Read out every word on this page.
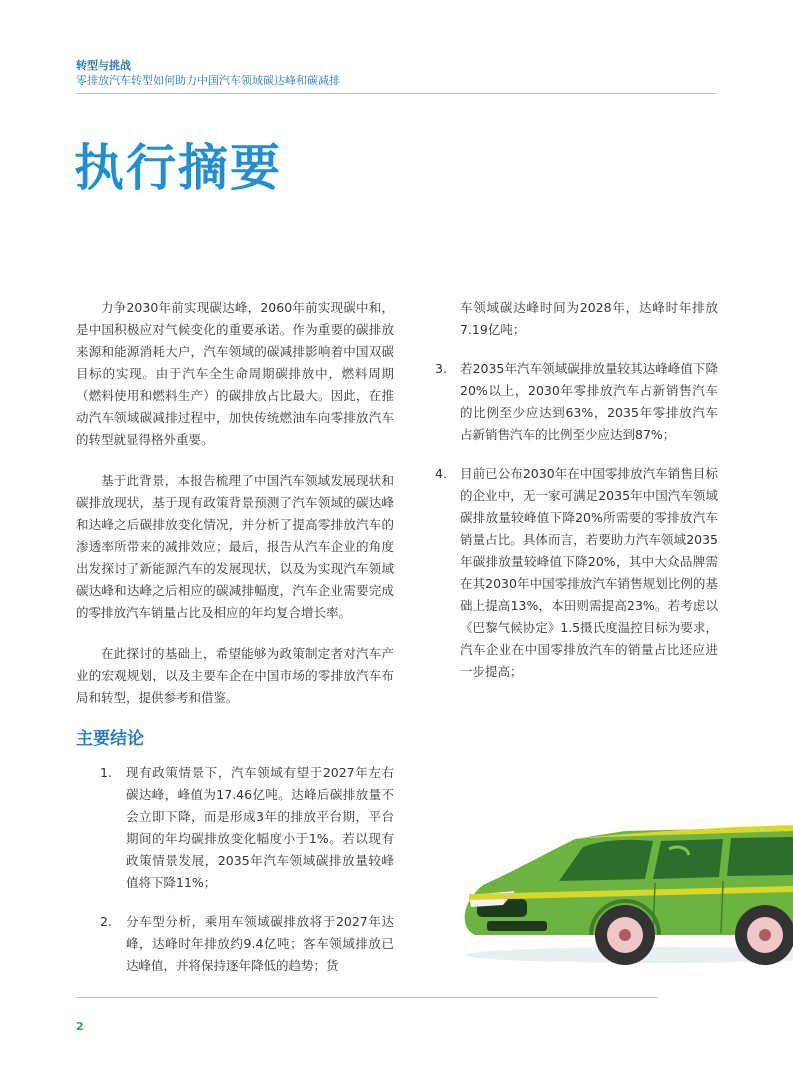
转型与挑战
零排放汽车转型如何助力中国汽车领域碳达峰和碳减排
执行摘要

力争2030年前实现碳达峰，2060年前实现碳中和，是中国积极应对气候变化的重要承诺。作为重要的碳排放来源和能源消耗大户，汽车领域的碳减排影响着中国双碳目标的实现。由于汽车全生命周期碳排放中，燃料周期（燃料使用和燃料生产）的碳排放占比最大。因此，在推动汽车领域碳减排过程中，加快传统燃油车向零排放汽车的转型就显得格外重要。

基于此背景，本报告梳理了中国汽车领域发展现状和碳排放现状，基于现有政策背景预测了汽车领域的碳达峰和达峰之后碳排放变化情况，并分析了提高零排放汽车的渗透率所带来的减排效应；最后，报告从汽车企业的角度出发探讨了新能源汽车的发展现状，以及为实现汽车领域碳达峰和达峰之后相应的碳减排幅度，汽车企业需要完成的零排放汽车销量占比及相应的年均复合增长率。

在此探讨的基础上，希望能够为政策制定者对汽车产业的宏观规划，以及主要车企在中国市场的零排放汽车布局和转型，提供参考和借鉴。

主要结论
1. 现有政策情景下，汽车领域有望于2027年左右碳达峰，峰值为17.46亿吨。达峰后碳排放量不会立即下降，而是形成3年的排放平台期，平台期间的年均碳排放变化幅度小于1%。若以现有政策情景发展，2035年汽车领域碳排放量较峰值将下降11%；
2. 分车型分析，乘用车领域碳排放将于2027年达峰，达峰时年排放约9.4亿吨；客车领域排放已达峰值，并将保持逐年降低的趋势；货
车领域碳达峰时间为2028年，达峰时年排放7.19亿吨；
3. 若2035年汽车领域碳排放量较其达峰峰值下降20%以上，2030年零排放汽车占新销售汽车的比例至少应达到63%，2035年零排放汽车占新销售汽车的比例至少应达到87%；
4. 目前已公布2030年在中国零排放汽车销售目标的企业中，无一家可满足2035年中国汽车领域碳排放量较峰值下降20%所需要的零排放汽车销量占比。具体而言，若要助力汽车领域2035年碳排放量较峰值下降20%，其中大众品牌需在其2030年中国零排放汽车销售规划比例的基础上提高13%，本田则需提高23%。若考虑以《巴黎气候协定》1.5摄氏度温控目标为要求，汽车企业在中国零排放汽车的销量占比还应进一步提高；
2
